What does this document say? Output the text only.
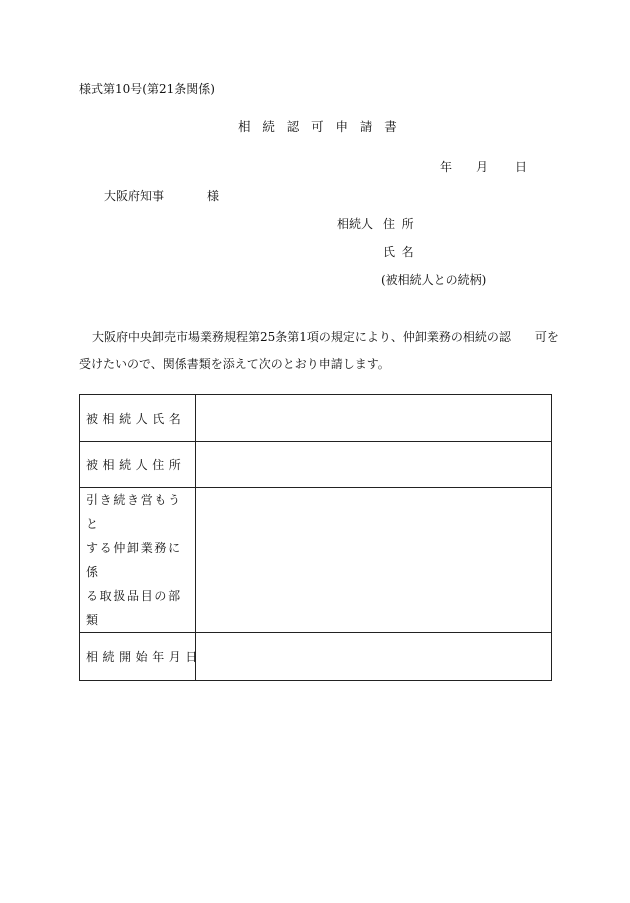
様式第10号(第21条関係)
相続認可申請書
年 月 日
大阪府知事	様
相続人 住所
氏名
(被相続人との続柄)
大阪府中央卸売市場業務規程第25条第1項の規定により、仲卸業務の相続の認　　可を
受けたいので、関係書類を添えて次のとおり申請します。
被相続人氏名	
被相続人住所	

引き続き営もうと
する仲卸業務に係
る取扱品目の部類	

相続開始年月日	
